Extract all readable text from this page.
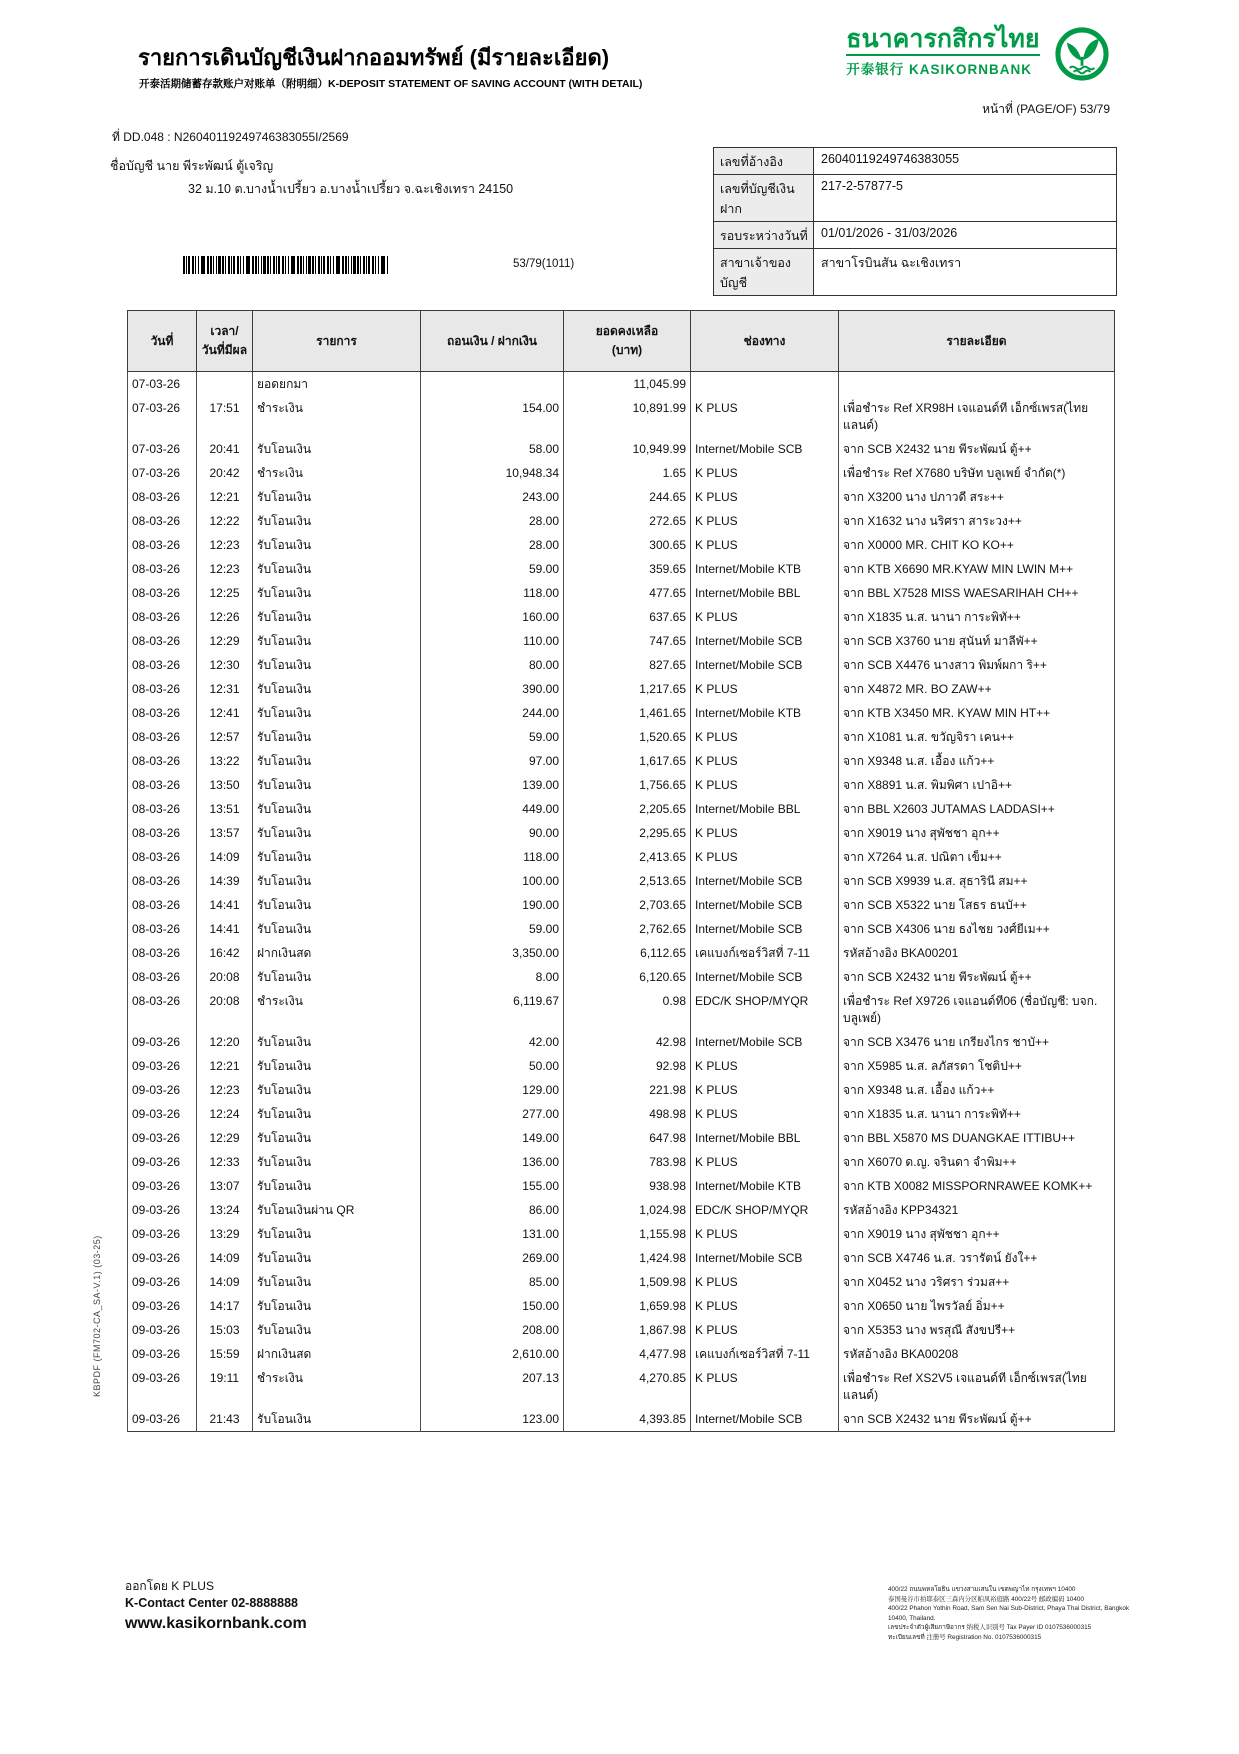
รายการเดินบัญชีเงินฝากออมทรัพย์ (มีรายละเอียด)
开泰活期储蓄存款账户对账单（附明细）K-DEPOSIT STATEMENT OF SAVING ACCOUNT (WITH DETAIL)
ธนาคารกสิกรไทย
开泰银行 KASIKORNBANK

หน้าที่ (PAGE/OF) 53/79
ที่ DD.048 : N26040119249746383055I/2569
ชื่อบัญชี นาย พีระพัฒน์ ตู้เจริญ
32 ม.10 ต.บางน้ำเปรี้ยว อ.บางน้ำเปรี้ยว จ.ฉะเชิงเทรา 24150
เลขที่อ้างอิง	26040119249746383055
เลขที่บัญชีเงินฝาก
217-2-57877-5
รอบระหว่างวันที่	01/01/2026 - 31/03/2026
สาขาเจ้าของบัญชี
สาขาโรบินสัน ฉะเชิงเทรา
53/79(1011)
วันที่

เวลา/
วันที่มีผล

รายการ	ถอนเงิน / ฝากเงิน

ยอดคงเหลือ
(บาท)

ช่องทาง	รายละเอียด

07-03-26		ยอดยกมา		11,045.99		
07-03-26	17:51	ชำระเงิน	154.00	10,891.99	K PLUS	เพื่อชำระ Ref XR98H เจแอนด์ที เอ็กซ์เพรส(ไทยแลนด์)
07-03-26	20:41	รับโอนเงิน	58.00	10,949.99	Internet/Mobile SCB	จาก SCB X2432 นาย พีระพัฒน์ ตู้++
07-03-26	20:42	ชำระเงิน	10,948.34	1.65	K PLUS	เพื่อชำระ Ref X7680 บริษัท บลูเพย์ จำกัด(*)
08-03-26	12:21	รับโอนเงิน	243.00	244.65	K PLUS	จาก X3200 นาง ปภาวดี สระ++
08-03-26	12:22	รับโอนเงิน	28.00	272.65	K PLUS	จาก X1632 นาง นริศรา สาระวง++
08-03-26	12:23	รับโอนเงิน	28.00	300.65	K PLUS	จาก X0000 MR. CHIT KO KO++
08-03-26	12:23	รับโอนเงิน	59.00	359.65	Internet/Mobile KTB	จาก KTB X6690 MR.KYAW MIN LWIN M++
08-03-26	12:25	รับโอนเงิน	118.00	477.65	Internet/Mobile BBL	จาก BBL X7528 MISS WAESARIHAH CH++
08-03-26	12:26	รับโอนเงิน	160.00	637.65	K PLUS	จาก X1835 น.ส. นานา การะพิทั++
08-03-26	12:29	รับโอนเงิน	110.00	747.65	Internet/Mobile SCB	จาก SCB X3760 นาย สุนันท์ มาลีพั++
08-03-26	12:30	รับโอนเงิน	80.00	827.65	Internet/Mobile SCB	จาก SCB X4476 นางสาว พิมพ์ผกา ริ++
08-03-26	12:31	รับโอนเงิน	390.00	1,217.65	K PLUS	จาก X4872 MR. BO ZAW++
08-03-26	12:41	รับโอนเงิน	244.00	1,461.65	Internet/Mobile KTB	จาก KTB X3450 MR. KYAW MIN HT++
08-03-26	12:57	รับโอนเงิน	59.00	1,520.65	K PLUS	จาก X1081 น.ส. ขวัญจิรา เคน++
08-03-26	13:22	รับโอนเงิน	97.00	1,617.65	K PLUS	จาก X9348 น.ส. เอื้อง แก้ว++
08-03-26	13:50	รับโอนเงิน	139.00	1,756.65	K PLUS	จาก X8891 น.ส. พิมพิศา เปาอิ++
08-03-26	13:51	รับโอนเงิน	449.00	2,205.65	Internet/Mobile BBL	จาก BBL X2603 JUTAMAS LADDASI++
08-03-26	13:57	รับโอนเงิน	90.00	2,295.65	K PLUS	จาก X9019 นาง สุพัชชา อุก++
08-03-26	14:09	รับโอนเงิน	118.00	2,413.65	K PLUS	จาก X7264 น.ส. ปณิตา เข็ม++
08-03-26	14:39	รับโอนเงิน	100.00	2,513.65	Internet/Mobile SCB	จาก SCB X9939 น.ส. สุธารินี สม++
08-03-26	14:41	รับโอนเงิน	190.00	2,703.65	Internet/Mobile SCB	จาก SCB X5322 นาย โสธร ธนบั++
08-03-26	14:41	รับโอนเงิน	59.00	2,762.65	Internet/Mobile SCB	จาก SCB X4306 นาย ธงไชย วงศ์ยีเม++
08-03-26	16:42	ฝากเงินสด	3,350.00	6,112.65	เคแบงก์เซอร์วิสที่ 7-11	รหัสอ้างอิง BKA00201
08-03-26	20:08	รับโอนเงิน	8.00	6,120.65	Internet/Mobile SCB	จาก SCB X2432 นาย พีระพัฒน์ ตู้++
08-03-26	20:08	ชำระเงิน	6,119.67	0.98	EDC/K SHOP/MYQR	เพื่อชำระ Ref X9726 เจแอนด์ที06 (ชื่อบัญชี: บจก. บลูเพย์)
09-03-26	12:20	รับโอนเงิน	42.00	42.98	Internet/Mobile SCB	จาก SCB X3476 นาย เกรียงไกร ชาบั++
09-03-26	12:21	รับโอนเงิน	50.00	92.98	K PLUS	จาก X5985 น.ส. ลภัสรดา โชติป++
09-03-26	12:23	รับโอนเงิน	129.00	221.98	K PLUS	จาก X9348 น.ส. เอื้อง แก้ว++
09-03-26	12:24	รับโอนเงิน	277.00	498.98	K PLUS	จาก X1835 น.ส. นานา การะพิทั++
09-03-26	12:29	รับโอนเงิน	149.00	647.98	Internet/Mobile BBL	จาก BBL X5870 MS DUANGKAE ITTIBU++
09-03-26	12:33	รับโอนเงิน	136.00	783.98	K PLUS	จาก X6070 ด.ญ. จรินดา จำพิม++
09-03-26	13:07	รับโอนเงิน	155.00	938.98	Internet/Mobile KTB	จาก KTB X0082 MISSPORNRAWEE KOMK++
09-03-26	13:24	รับโอนเงินผ่าน QR	86.00	1,024.98	EDC/K SHOP/MYQR	รหัสอ้างอิง KPP34321
09-03-26	13:29	รับโอนเงิน	131.00	1,155.98	K PLUS	จาก X9019 นาง สุพัชชา อุก++
09-03-26	14:09	รับโอนเงิน	269.00	1,424.98	Internet/Mobile SCB	จาก SCB X4746 น.ส. วรารัตน์ ยังใ++
09-03-26	14:09	รับโอนเงิน	85.00	1,509.98	K PLUS	จาก X0452 นาง วริศรา ร่วมส++
09-03-26	14:17	รับโอนเงิน	150.00	1,659.98	K PLUS	จาก X0650 นาย ไพรวัลย์ อิ่ม++
09-03-26	15:03	รับโอนเงิน	208.00	1,867.98	K PLUS	จาก X5353 นาง พรสุณี สังขปรี++
09-03-26	15:59	ฝากเงินสด	2,610.00	4,477.98	เคแบงก์เซอร์วิสที่ 7-11	รหัสอ้างอิง BKA00208
09-03-26	19:11	ชำระเงิน	207.13	4,270.85	K PLUS	เพื่อชำระ Ref XS2V5 เจแอนด์ที เอ็กซ์เพรส(ไทยแลนด์)
09-03-26	21:43	รับโอนเงิน	123.00	4,393.85	Internet/Mobile SCB	จาก SCB X2432 นาย พีระพัฒน์ ตู้++
ออกโดย K PLUS
K-Contact Center 02-8888888
www.kasikornbank.com
400/22 ถนนพหลโยธิน แขวงสามเสนใน เขตพญาไท กรุงเทพฯ 10400
泰国曼谷市拍耶泰区三森内分区帕凤裕庭路 400/22号 邮政编码 10400
400/22 Phahon Yothin Road, Sam Sen Nai Sub-District, Phaya Thai District, Bangkok 10400, Thailand.
เลขประจำตัวผู้เสียภาษีอากร 纳税人识别号 Tax Payer ID 0107536000315
ทะเบียนเลขที่ 注册号 Registration No. 0107536000315
KBPDF (FM702-CA_SA-V.1) (03-25)
